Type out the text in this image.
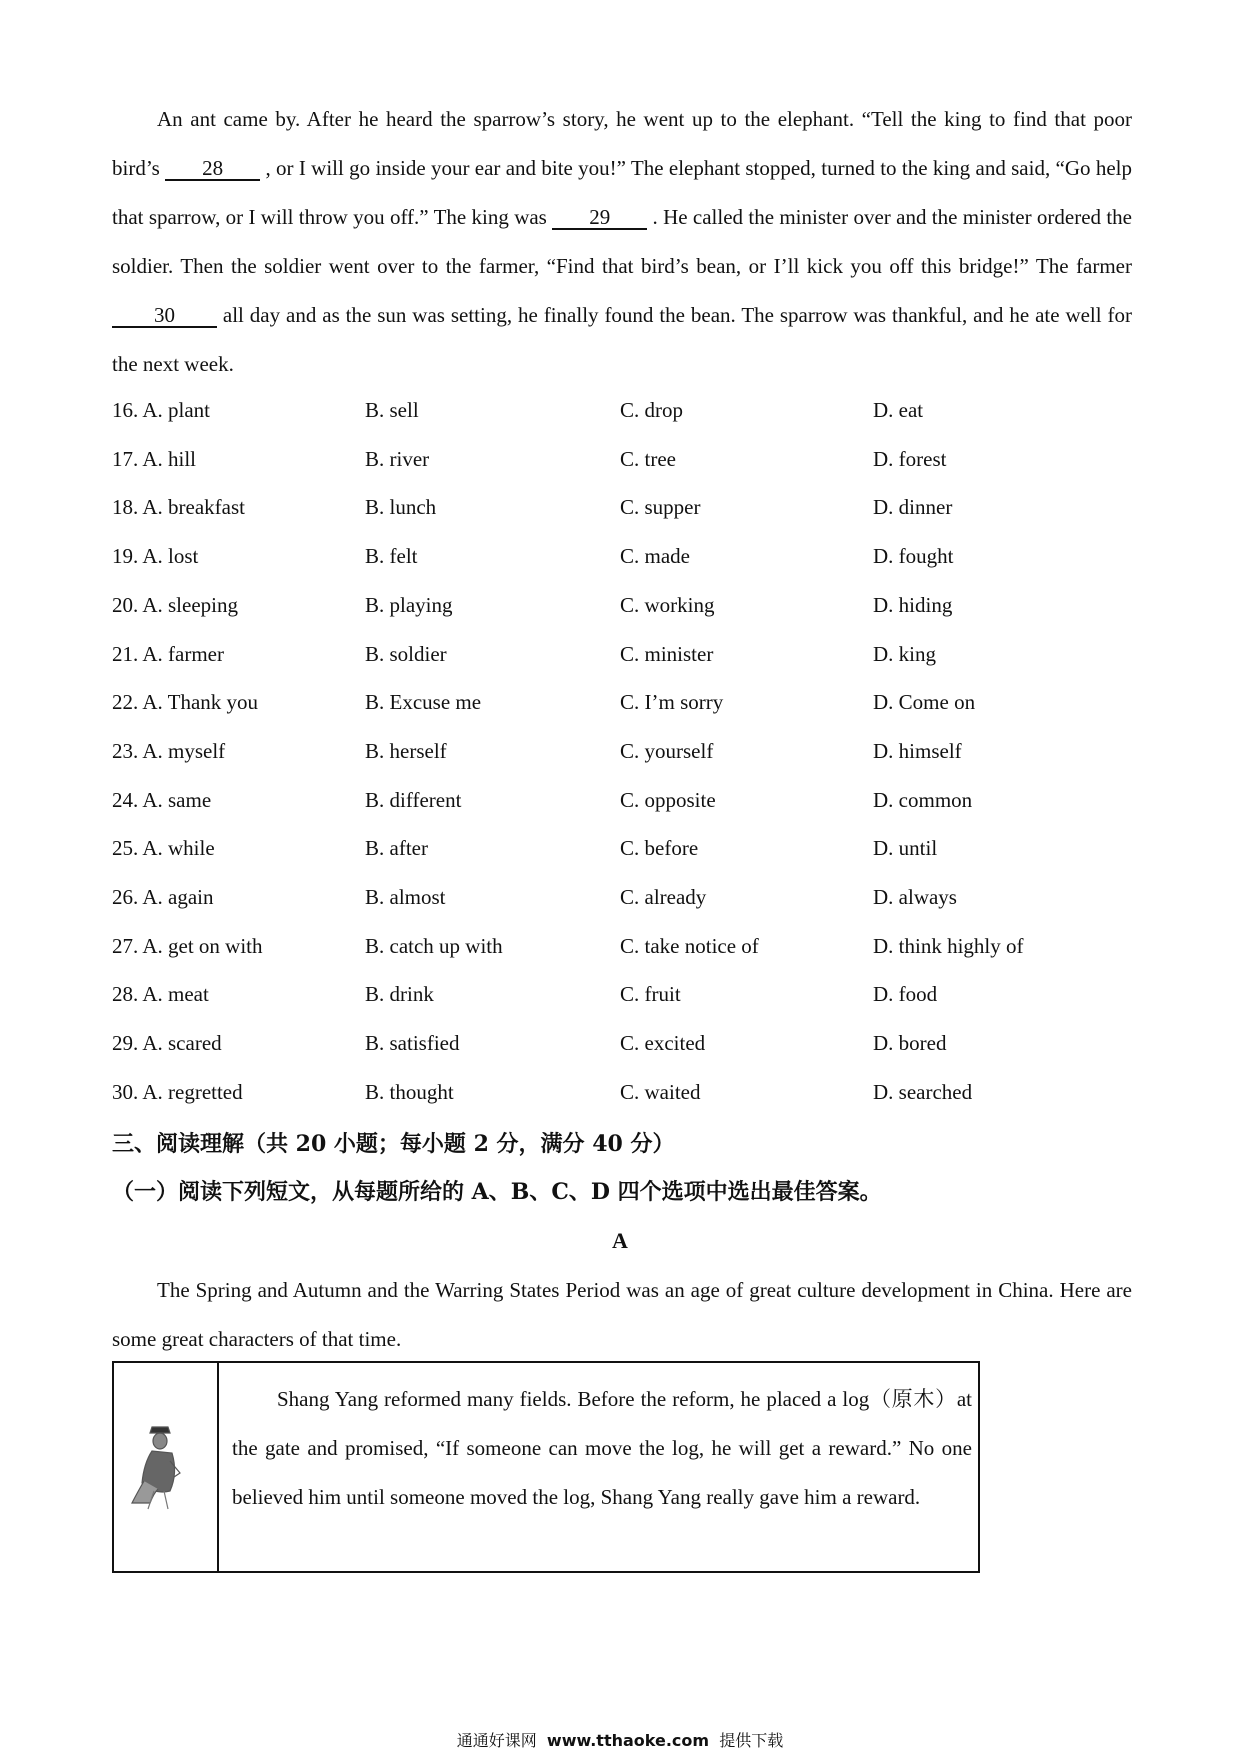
An ant came by. After he heard the sparrow’s story, he went up to the elephant. “Tell the king to find that poor bird’s 28 , or I will go inside your ear and bite you!” The elephant stopped, turned to the king and said, “Go help that sparrow, or I will throw you off.” The king was 29 . He called the minister over and the minister ordered the soldier. Then the soldier went over to the farmer, “Find that bird’s bean, or I’ll kick you off this bridge!” The farmer 30 all day and as the sun was setting, he finally found the bean. The sparrow was thankful, and he ate well for the next week.

16. A. plant	B. sell	C. drop	D. eat
17. A. hill	B. river	C. tree	D. forest
18. A. breakfast	B. lunch	C. supper	D. dinner
19. A. lost	B. felt	C. made	D. fought
20. A. sleeping	B. playing	C. working	D. hiding
21. A. farmer	B. soldier	C. minister	D. king
22. A. Thank you	B. Excuse me	C. I’m sorry	D. Come on
23. A. myself	B. herself	C. yourself	D. himself
24. A. same	B. different	C. opposite	D. common
25. A. while	B. after	C. before	D. until
26. A. again	B. almost	C. already	D. always
27. A. get on with	B. catch up with	C. take notice of	D. think highly of
28. A. meat	B. drink	C. fruit	D. food
29. A. scared	B. satisfied	C. excited	D. bored
30. A. regretted	B. thought	C. waited	D. searched
三、阅读理解（共 20 小题；每小题 2 分，满分 40 分）
（一）阅读下列短文，从每题所给的 A、B、C、D 四个选项中选出最佳答案。
A

The Spring and Autumn and the Warring States Period was an age of great culture development in China. Here are some great characters of that time.

Shang Yang reformed many fields. Before the reform, he placed a log（原木）at the gate and promised, “If someone can move the log, he will get a reward.” No one believed him until someone moved the log, Shang Yang really gave him a reward.
通通好课网 www.tthaoke.com 提供下载
